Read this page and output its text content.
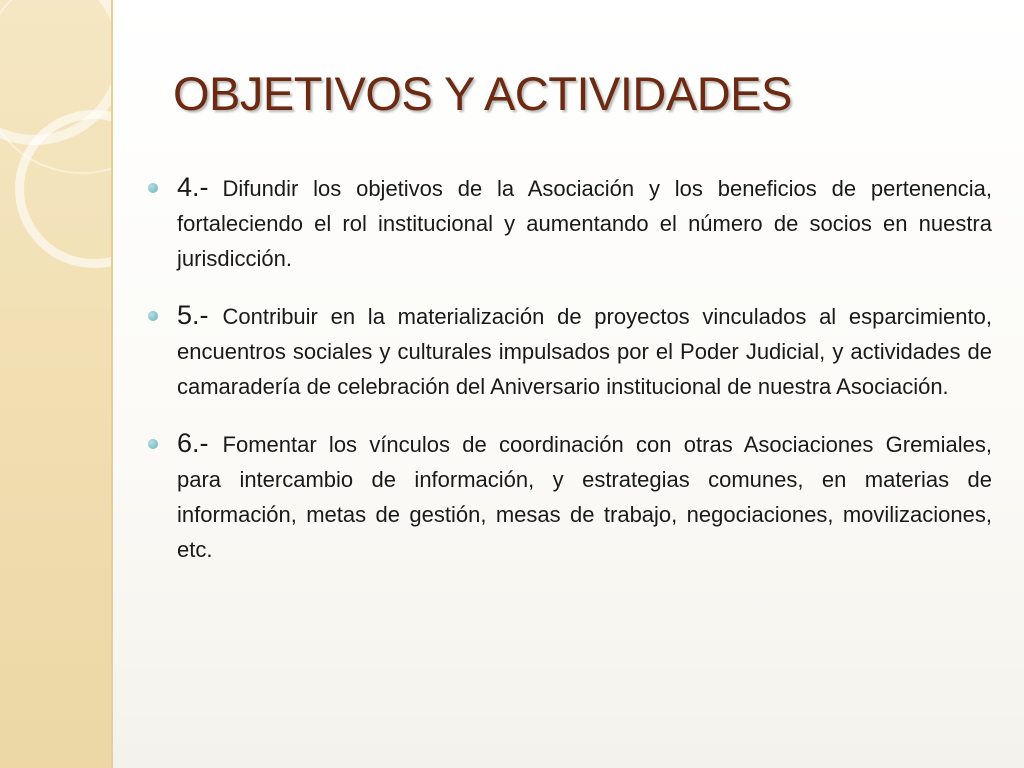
OBJETIVOS Y ACTIVIDADES
4.- Difundir los objetivos de la Asociación y los beneficios de pertenencia, fortaleciendo el rol institucional y aumentando el número de socios en nuestra jurisdicción.
5.- Contribuir en la materialización de proyectos vinculados al esparcimiento, encuentros sociales y culturales impulsados por el Poder Judicial, y actividades de camaradería de celebración del Aniversario institucional de nuestra Asociación.
6.- Fomentar los vínculos de coordinación con otras Asociaciones Gremiales, para intercambio de información, y estrategias comunes, en materias de información, metas de gestión, mesas de trabajo, negociaciones, movilizaciones, etc.
